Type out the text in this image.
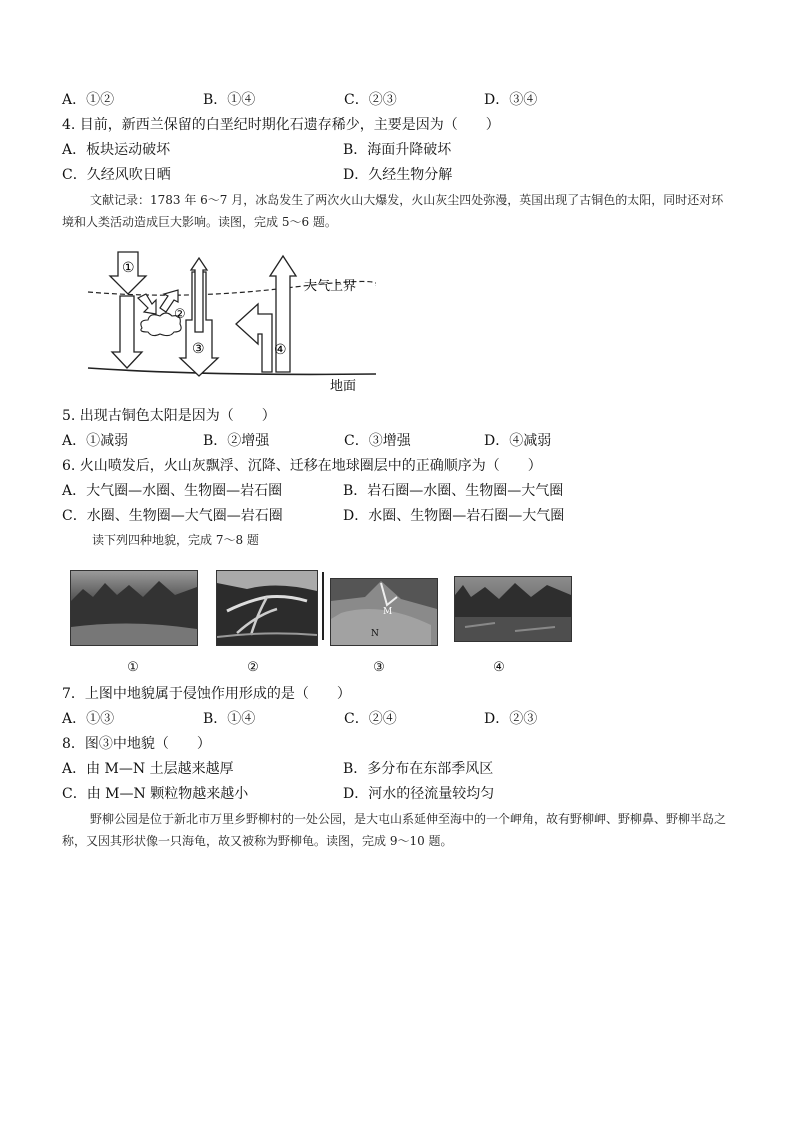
A．①②	B．①④	C．②③	D．③④
4. 目前，新西兰保留的白垩纪时期化石遗存稀少，主要是因为（　　）
A．板块运动破坏	B．海面升降破坏
C．久经风吹日晒	D．久经生物分解
文献记录：1783 年 6～7 月，冰岛发生了两次火山大爆发，火山灰尘四处弥漫，英国出现了古铜色的太阳，同时还对环境和人类活动造成巨大影响。读图，完成 5～6 题。
①
②
③	④
大气上界
地面
5. 出现古铜色太阳是因为（　　）
A．①减弱	B．②增强	C．③增强	D．④减弱
6. 火山喷发后，火山灰飘浮、沉降、迁移在地球圈层中的正确顺序为（　　）
A．大气圈—水圈、生物圈—岩石圈	B．岩石圈—水圈、生物圈—大气圈
C．水圈、生物圈—大气圈—岩石圈	D．水圈、生物圈—岩石圈—大气圈
读下列四种地貌，完成 7～8 题
M
N
①	②	③	④
7．上图中地貌属于侵蚀作用形成的是（　　）
A．①③	B．①④	C．②④	D．②③
8．图③中地貌（　　）
A．由 M—N 土层越来越厚	B．多分布在东部季风区
C．由 M—N 颗粒物越来越小	D．河水的径流量较均匀
野柳公园是位于新北市万里乡野柳村的一处公园，是大屯山系延伸至海中的一个岬角，故有野柳岬、野柳鼻、野柳半岛之称，又因其形状像一只海龟，故又被称为野柳龟。读图，完成 9～10 题。
